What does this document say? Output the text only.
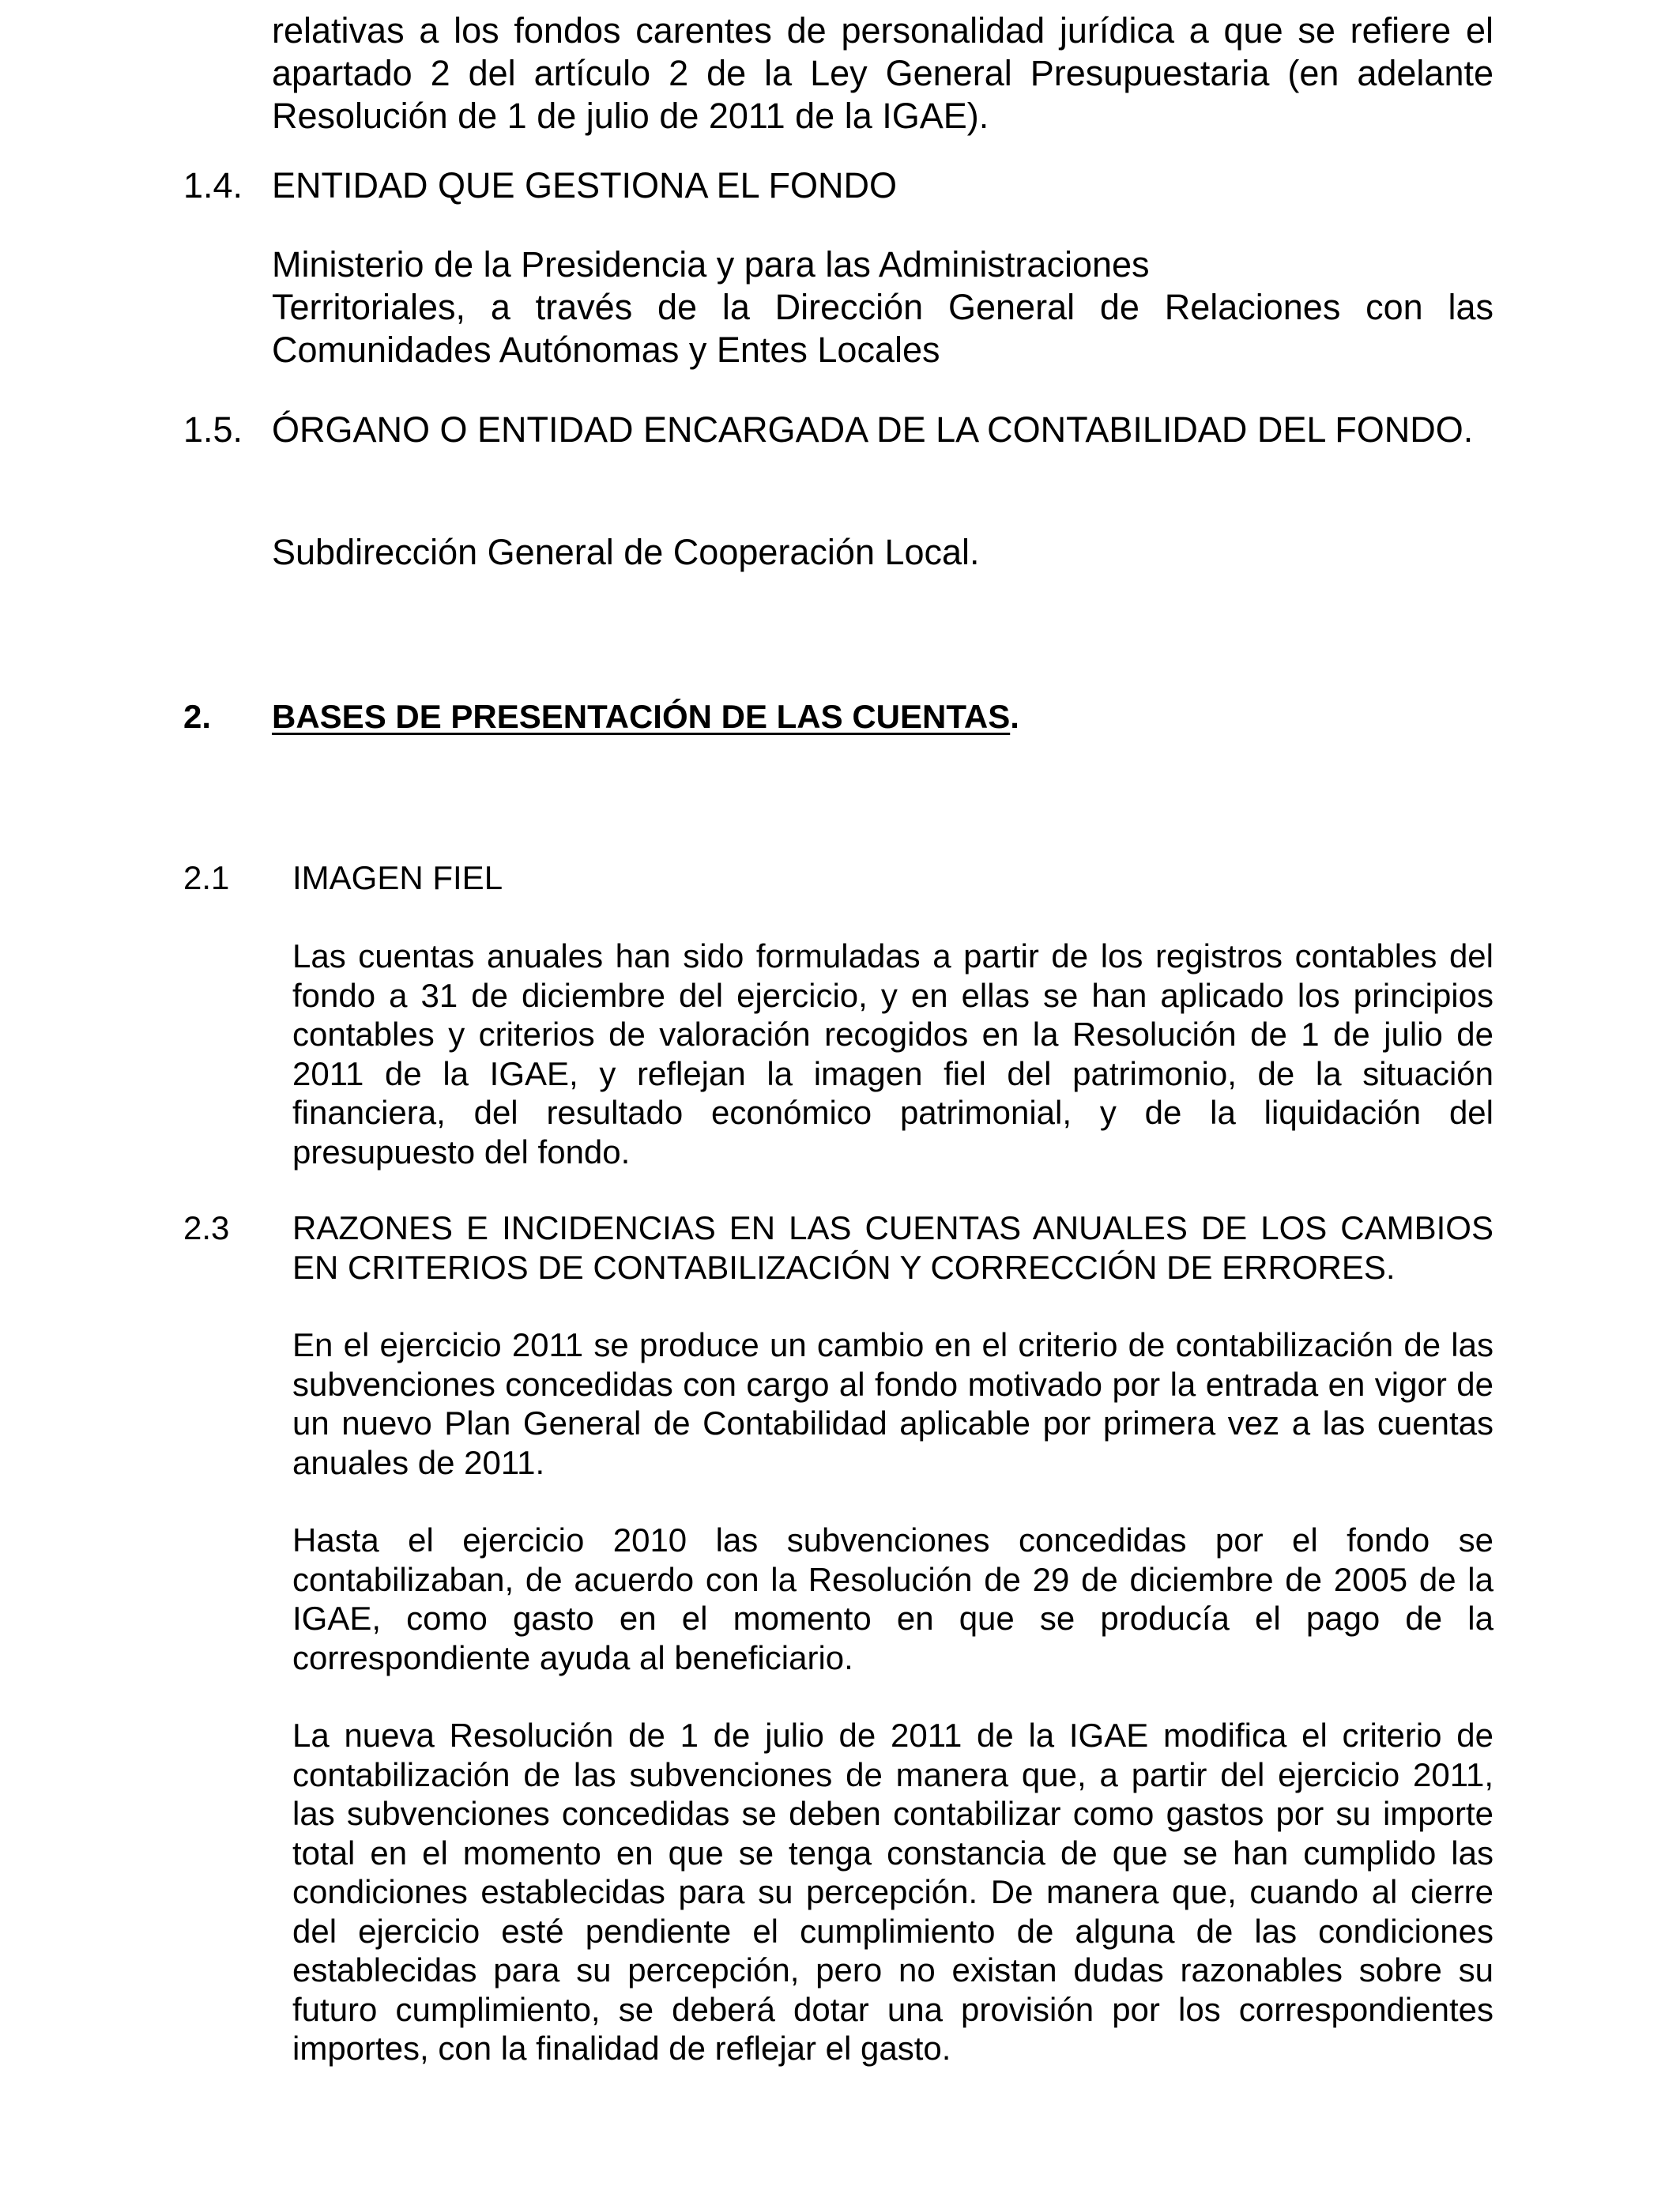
relativas a los fondos carentes de personalidad jurídica a que se refiere el apartado 2 del artículo 2 de la Ley General Presupuestaria (en adelante Resolución de 1 de julio de 2011 de la IGAE).

1.4. ENTIDAD QUE GESTIONA EL FONDO
Ministerio de la Presidencia y para las Administraciones
Territoriales, a través de la Dirección General de Relaciones con las Comunidades Autónomas y Entes Locales
1.5. ÓRGANO O ENTIDAD ENCARGADA DE LA CONTABILIDAD DEL FONDO.

Subdirección General de Cooperación Local.

2. BASES DE PRESENTACIÓN DE LAS CUENTAS.
2.1 IMAGEN FIEL

Las cuentas anuales han sido formuladas a partir de los registros contables del fondo a 31 de diciembre del ejercicio, y en ellas se han aplicado los principios contables y criterios de valoración recogidos en la Resolución de 1 de julio de 2011 de la IGAE, y reflejan la imagen fiel del patrimonio, de la situación financiera, del resultado económico patrimonial, y de la liquidación del presupuesto del fondo.

2.3 RAZONES E INCIDENCIAS EN LAS CUENTAS ANUALES DE LOS CAMBIOS EN CRITERIOS DE CONTABILIZACIÓN Y CORRECCIÓN DE ERRORES.

En el ejercicio 2011 se produce un cambio en el criterio de contabilización de las subvenciones concedidas con cargo al fondo motivado por la entrada en vigor de un nuevo Plan General de Contabilidad aplicable por primera vez a las cuentas anuales de 2011.

Hasta el ejercicio 2010 las subvenciones concedidas por el fondo se contabilizaban, de acuerdo con la Resolución de 29 de diciembre de 2005 de la IGAE, como gasto en el momento en que se producía el pago de la correspondiente ayuda al beneficiario.

La nueva Resolución de 1 de julio de 2011 de la IGAE modifica el criterio de contabilización de las subvenciones de manera que, a partir del ejercicio 2011, las subvenciones concedidas se deben contabilizar como gastos por su importe total en el momento en que se tenga constancia de que se han cumplido las condiciones establecidas para su percepción. De manera que, cuando al cierre del ejercicio esté pendiente el cumplimiento de alguna de las condiciones establecidas para su percepción, pero no existan dudas razonables sobre su futuro cumplimiento, se deberá dotar una provisión por los correspondientes importes, con la finalidad de reflejar el gasto.
